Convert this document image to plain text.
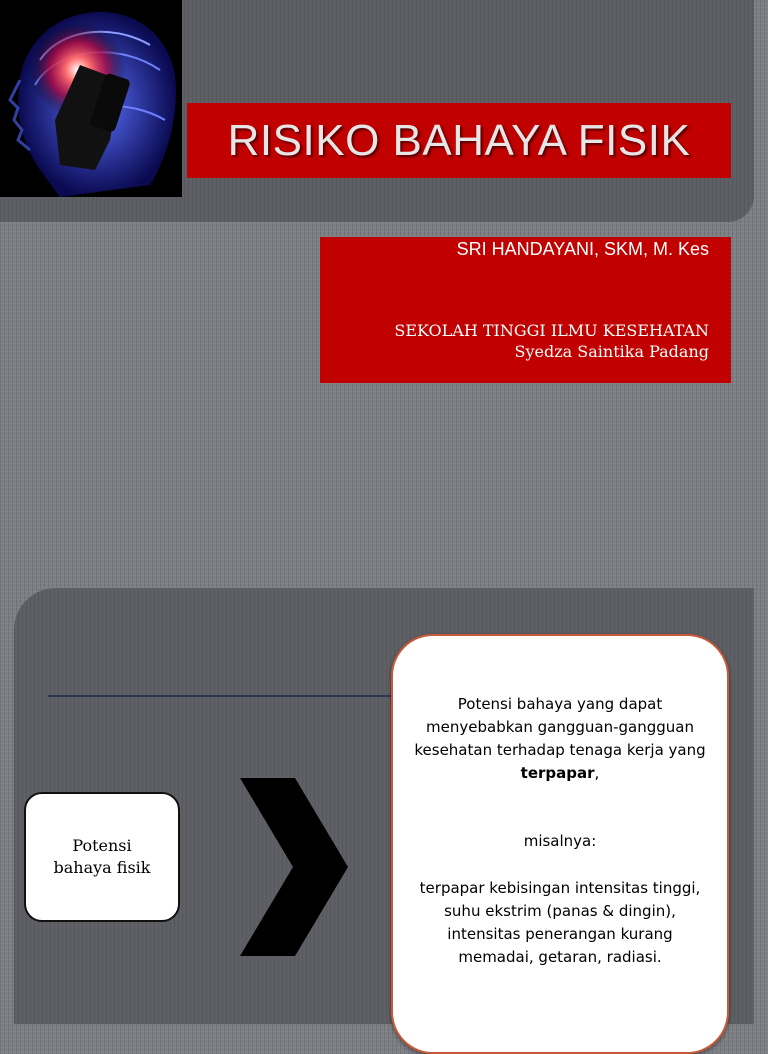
RISIKO BAHAYA FISIK
SRI HANDAYANI, SKM, M. Kes
SEKOLAH TINGGI ILMU KESEHATAN
Syedza Saintika Padang
Potensi
bahaya fisik
Potensi bahaya yang dapat menyebabkan gangguan-gangguan kesehatan terhadap tenaga kerja yang terpapar,
misalnya:
terpapar kebisingan intensitas tinggi, suhu ekstrim (panas & dingin), intensitas penerangan kurang memadai, getaran, radiasi.
